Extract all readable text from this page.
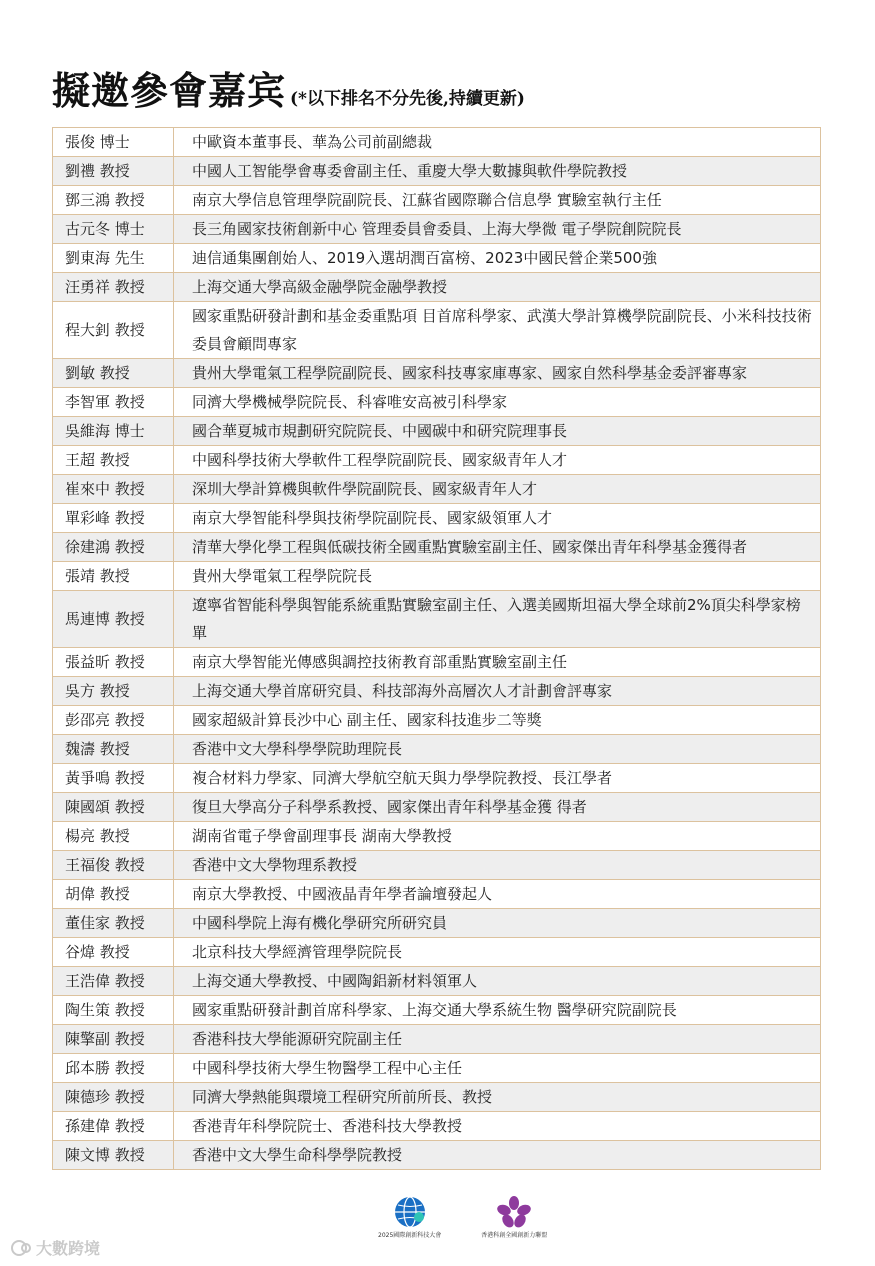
擬邀參會嘉宾 (*以下排名不分先後,持續更新)
張俊 博士	中歐資本董事長、華為公司前副總裁
劉禮 教授	中國人工智能學會專委會副主任、重慶大學大數據與軟件學院教授
鄧三鴻 教授	南京大學信息管理學院副院長、江蘇省國際聯合信息學 實驗室執行主任
古元冬 博士	長三角國家技術創新中心 管理委員會委員、上海大學微 電子學院創院院長
劉東海 先生	迪信通集團創始人、2019入選胡潤百富榜、2023中國民營企業500強
汪勇祥 教授	上海交通大學高級金融學院金融學教授
程大釗 教授	國家重點研發計劃和基金委重點項 目首席科學家、武漢大學計算機學院副院長、小米科技技術委員會顧問專家
劉敏 教授	貴州大學電氣工程學院副院長、國家科技專家庫專家、國家自然科學基金委評審專家
李智軍 教授	同濟大學機械學院院長、科睿唯安高被引科學家
吳維海 博士	國合華夏城市規劃研究院院長、中國碳中和研究院理事長
王超 教授	中國科學技術大學軟件工程學院副院長、國家級青年人才
崔來中 教授	深圳大學計算機與軟件學院副院長、國家級青年人才
單彩峰 教授	南京大學智能科學與技術學院副院長、國家級領軍人才
徐建鴻 教授	清華大學化學工程與低碳技術全國重點實驗室副主任、國家傑出青年科學基金獲得者
張靖 教授	貴州大學電氣工程學院院長
馬連博 教授	遼寧省智能科學與智能系統重點實驗室副主任、入選美國斯坦福大學全球前2%頂尖科學家榜單
張益昕 教授	南京大學智能光傳感與調控技術教育部重點實驗室副主任
吳方 教授	上海交通大學首席研究員、科技部海外高層次人才計劃會評專家
彭邵亮 教授	國家超級計算長沙中心 副主任、國家科技進步二等獎
魏濤 教授	香港中文大學科學學院助理院長
黃爭鳴 教授	複合材料力學家、同濟大學航空航天與力學學院教授、長江學者
陳國頌 教授	復旦大學高分子科學系教授、國家傑出青年科學基金獲 得者
楊亮 教授	湖南省電子學會副理事長 湖南大學教授
王福俊 教授	香港中文大學物理系教授
胡偉 教授	南京大學教授、中國液晶青年學者論壇發起人
董佳家 教授	中國科學院上海有機化學研究所研究員
谷煒 教授	北京科技大學經濟管理學院院長
王浩偉 教授	上海交通大學教授、中國陶鋁新材料領軍人
陶生策 教授	國家重點研發計劃首席科學家、上海交通大學系統生物 醫學研究院副院長
陳擎副 教授	香港科技大學能源研究院副主任
邱本勝 教授	中國科學技術大學生物醫學工程中心主任
陳德珍 教授	同濟大學熱能與環境工程研究所前所長、教授
孫建偉 教授	香港青年科學院院士、香港科技大學教授
陳文博 教授	香港中文大學生命科學學院教授
2025國際創新科技大會	香港科創全國創新力聯盟
大數跨境
